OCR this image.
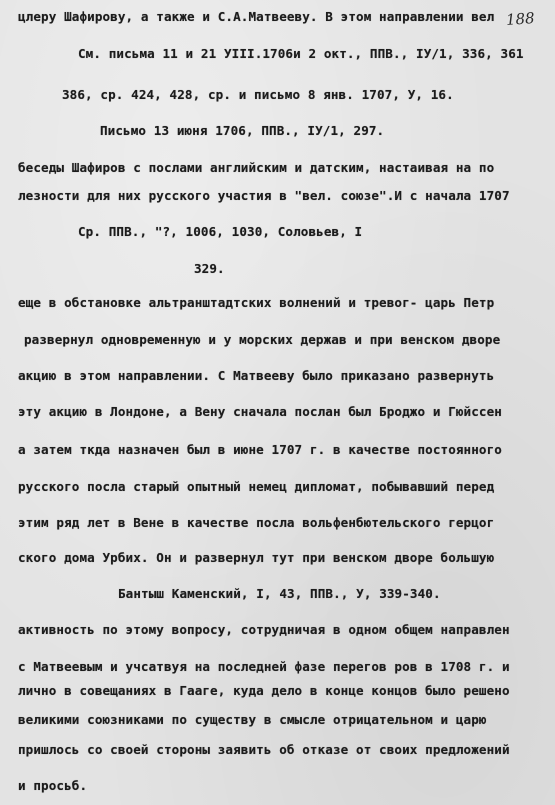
188
цлеру Шафирову, а также и С.А.Матвееву. В этом направлении вел
См. письма 11 и 21 УIII.1706и 2 окт., ППВ., IУ/1, 336, 361
386, ср. 424, 428, ср. и письмо 8 янв. 1707, У, 16.
Письмо 13 июня 1706, ППВ., IУ/1, 297.
беседы Шафиров с послами английским и датским, настаивая на по
лезности для них русского участия в "вел. союзе".И с начала 1707
Ср. ППВ., "?, 1006, 1030, Соловьев, I
329.
еще в обстановке альтранштадтских волнений и тревог- царь Петр
развернул одновременную и у морских держав и при венском дворе
акцию в этом направлении. С Матвееву было приказано развернуть
эту акцию в Лондоне, а Вену сначала послан был Броджо и Гюйссен
а затем ткда назначен был в июне 1707 г. в качестве постоянного
русского посла старый опытный немец дипломат, побывавший перед
этим ряд лет в Вене в качестве посла вольфенбютельского герцог
ского дома Урбих. Он и развернул тут при венском дворе большую
Бантыш Каменский, I, 43, ППВ., У, 339-340.
активность по этому вопросу, сотрудничая в одном общем направлен
с Матвеевым и учсатвуя на последней фазе перегов ров в 1708 г. и
лично в совещаниях в Гааге, куда дело в конце концов было решено
великими союзниками по существу в смысле отрицательном и царю
пришлось со своей стороны заявить об отказе от своих предложений
и просьб.
